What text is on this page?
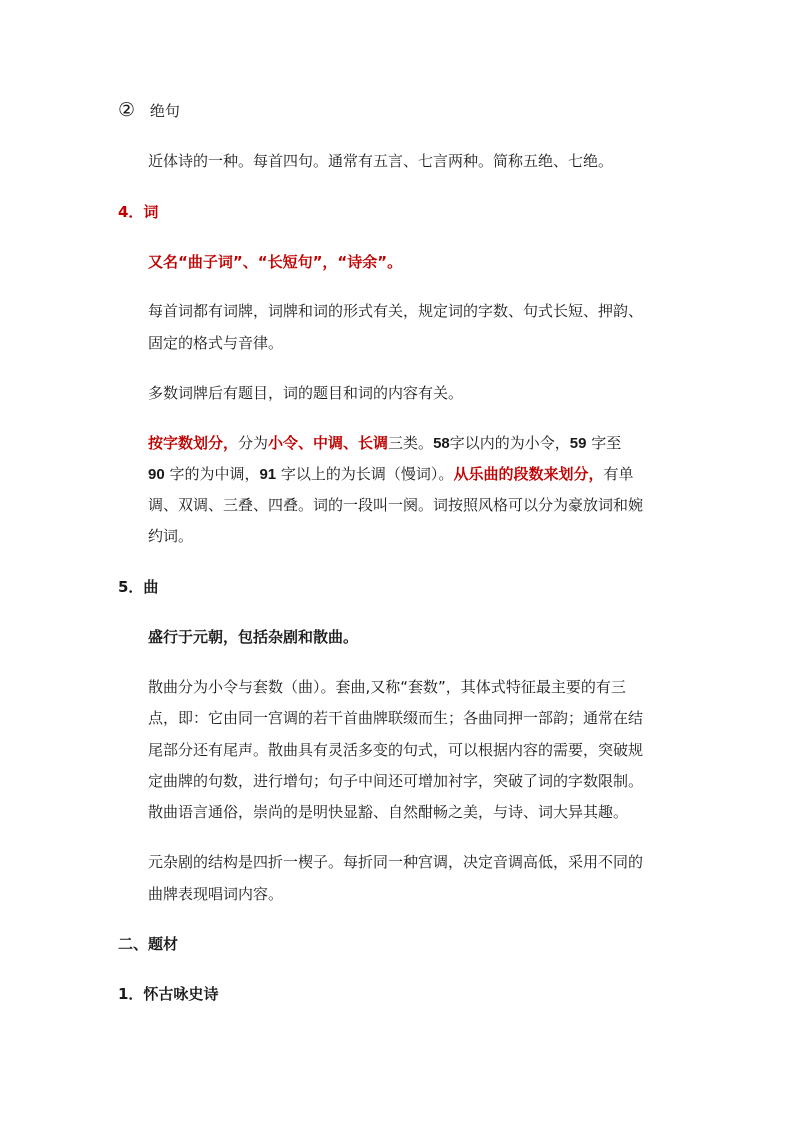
② 绝句
近体诗的一种。每首四句。通常有五言、七言两种。简称五绝、七绝。
4．词
又名“曲子词”、“长短句”，“诗余”。
每首词都有词牌，词牌和词的形式有关，规定词的字数、句式长短、押韵、
固定的格式与音律。
多数词牌后有题目，词的题目和词的内容有关。
按字数划分，分为小令、中调、长调三类。58字以内的为小令，59 字至
90 字的为中调，91 字以上的为长调（慢词）。从乐曲的段数来划分，有单
调、双调、三叠、四叠。词的一段叫一阕。词按照风格可以分为豪放词和婉
约词。
5．曲
盛行于元朝，包括杂剧和散曲。
散曲分为小令与套数（曲）。套曲,又称“套数”，其体式特征最主要的有三
点，即：它由同一宫调的若干首曲牌联缀而生；各曲同押一部韵；通常在结
尾部分还有尾声。散曲具有灵活多变的句式，可以根据内容的需要，突破规
定曲牌的句数，进行增句；句子中间还可增加衬字，突破了词的字数限制。
散曲语言通俗，崇尚的是明快显豁、自然酣畅之美，与诗、词大异其趣。
元杂剧的结构是四折一楔子。每折同一种宫调，决定音调高低，采用不同的
曲牌表现唱词内容。
二、题材
1．怀古咏史诗
